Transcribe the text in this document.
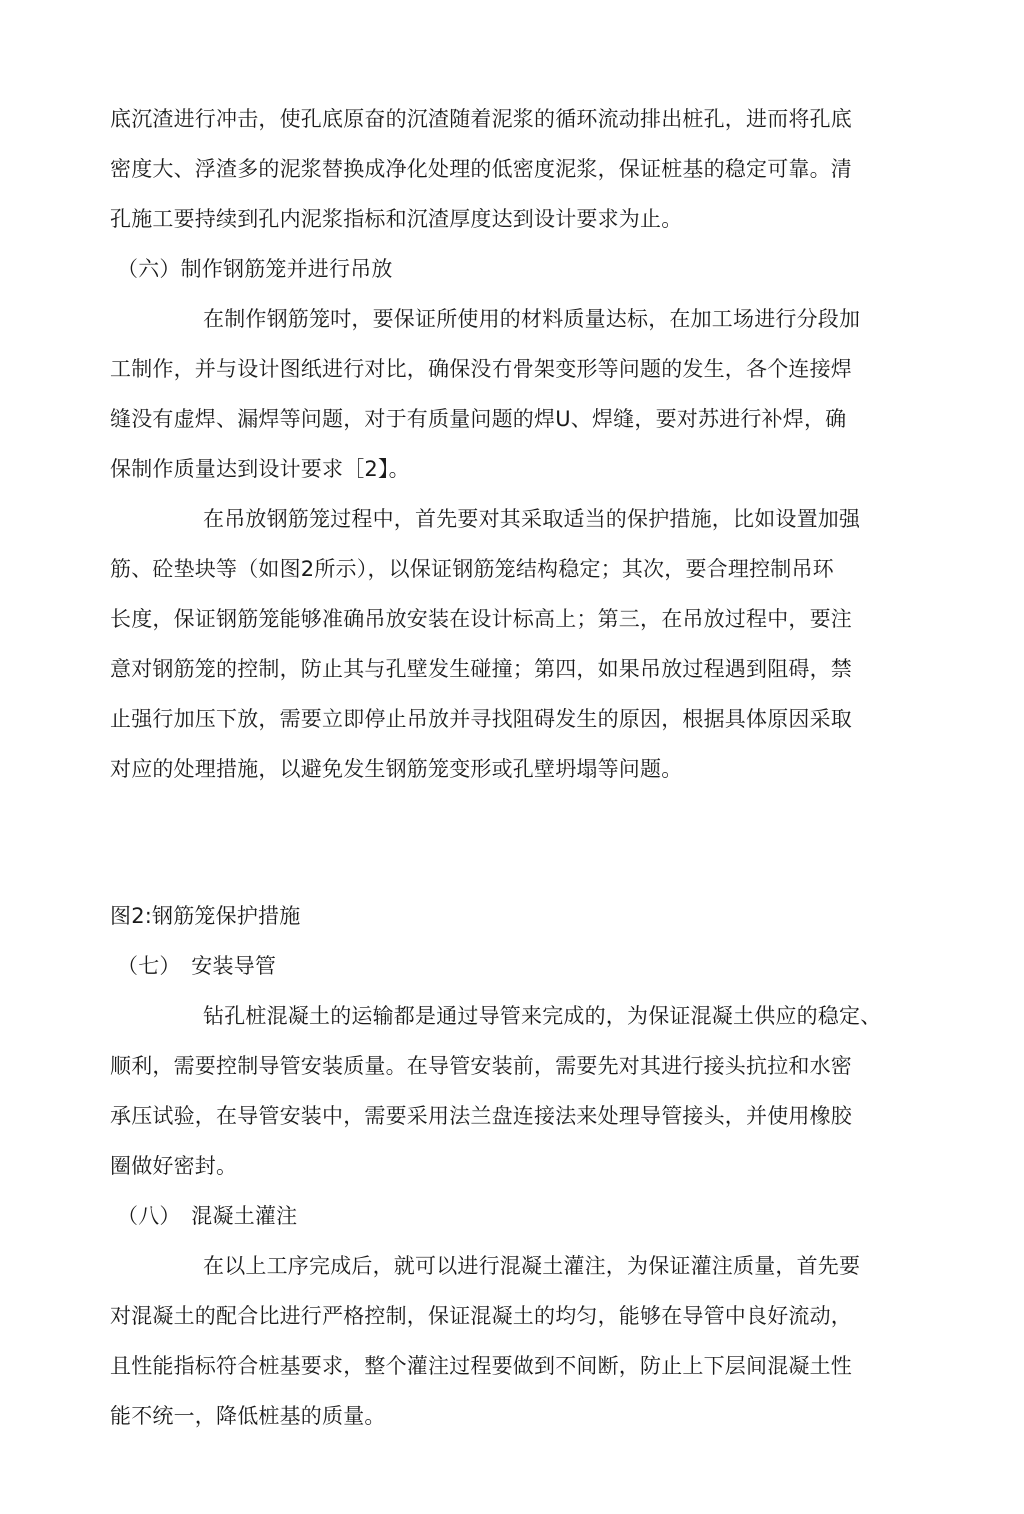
底沉渣进行冲击，使孔底原奋的沉渣随着泥浆的循环流动排出桩孔，进而将孔底
密度大、浮渣多的泥浆替换成净化处理的低密度泥浆，保证桩基的稳定可靠。清
孔施工要持续到孔内泥浆指标和沉渣厚度达到设计要求为止。
（六）制作钢筋笼并进行吊放
在制作钢筋笼吋，要保证所使用的材料质量达标，在加工场进行分段加
工制作，并与设计图纸进行对比，确保没冇骨架变形等问题的发生，各个连接焊
缝没有虚焊、漏焊等问题，对于有质量问题的焊U、焊缝，要对苏进行补焊，确
保制作质量达到设计要求［2】。
在吊放钢筋笼过程中，首先要对其采取适当的保护措施，比如设置加强
筋、砼垫块等（如图2所示），以保证钢筋笼结构稳定；其次，要合理控制吊环
长度，保证钢筋笼能够准确吊放安装在设计标高上；第三，在吊放过程中，要注
意对钢筋笼的控制，防止其与孔壁发生碰撞；第四，如果吊放过程遇到阻碍，禁
止强行加压下放，需要立即停止吊放并寻找阻碍发生的原因，根据具体原因采取
对应的处理措施，以避免发生钢筋笼变形或孔壁坍塌等问题。
图2:钢筋笼保护措施
（七）　安装导管
钻孔桩混凝土的运输都是通过导管来完成的，为保证混凝土供应的稳定、
顺利，需要控制导管安装质量。在导管安装前，需要先对其进行接头抗拉和水密
承压试验，在导管安装中，需要采用法兰盘连接法来处理导管接头，并使用橡胶
圈做好密封。
（八）　混凝土灌注
在以上工序完成后，就可以进行混凝土灌注，为保证灌注质量，首先要
对混凝土的配合比进行严格控制，保证混凝土的均匀，能够在导管中良好流动，
且性能指标符合桩基要求，整个灌注过程要做到不间断，防止上下层间混凝土性
能不统一，降低桩基的质量。
